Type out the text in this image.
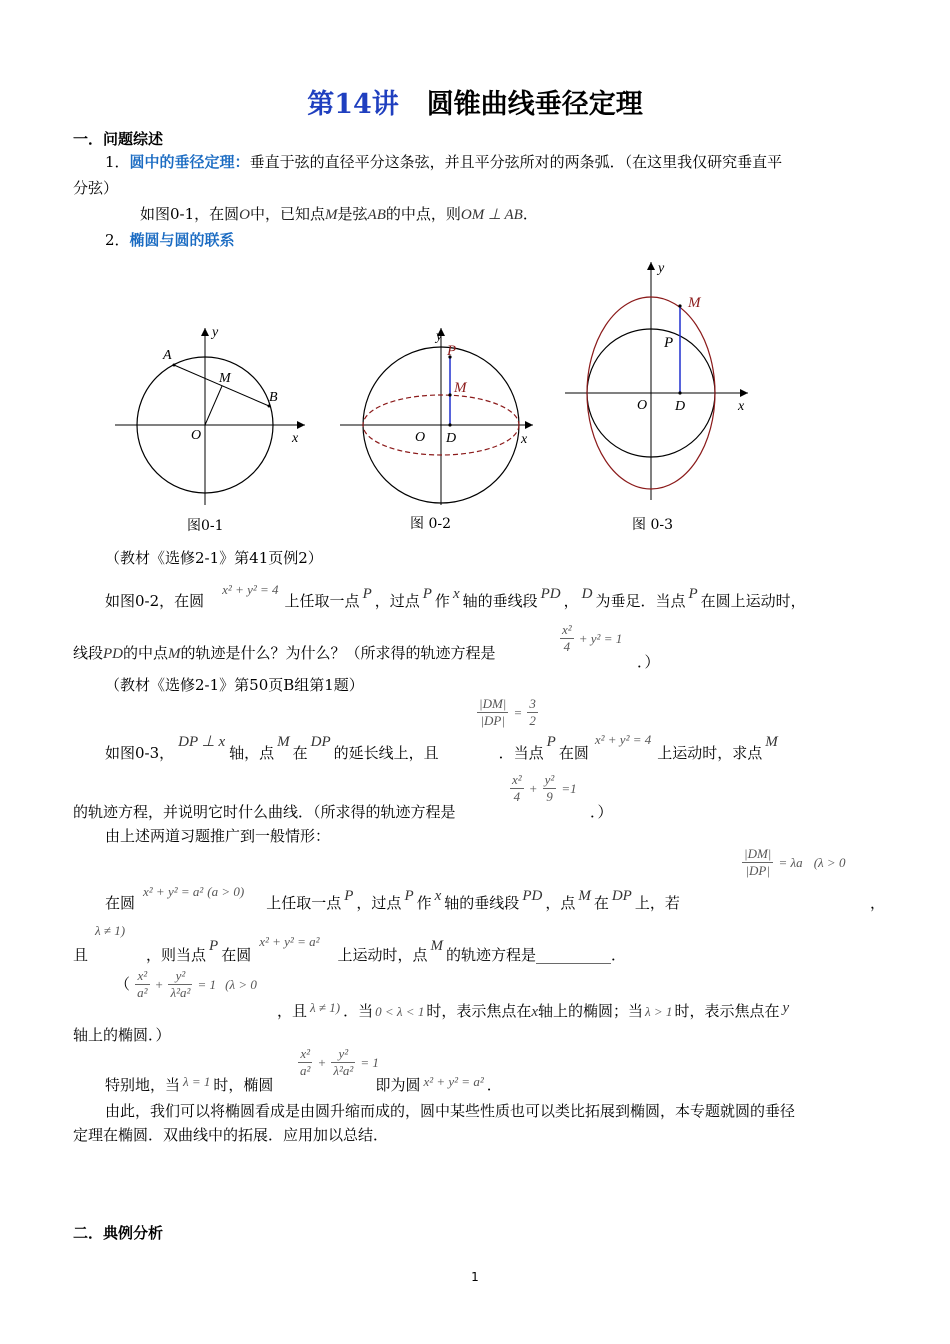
第14讲 圆锥曲线垂径定理
一．问题综述
1．圆中的垂径定理：垂直于弦的直径平分这条弦，并且平分弦所对的两条弧．（在这里我仅研究垂直平
分弦）
如图0-1，在圆O中，已知点M是弦AB的中点，则OM ⊥ AB．
2．椭圆与圆的联系
A
B
M
O	x
y
图0-1
P
M
O D	x
y
图 0-2
M
P
O D	x
y
图 0-3
（教材《选修2-1》第41页例2）
如图0-2，在圆x² + y² = 4上任取一点 P ，过点 P 作 x 轴的垂线段 PD ， D 为垂足．当点 P 在圆上运动时，
线段PD的中点M的轨迹是什么？为什么？（所求得的轨迹方程是	$\frac{\text{x²}}{4} + y^2 = 1$
．）
（教材《选修2-1》第50页B组第1题）
$\frac{|DM|}{|DP|} = \frac{3}{2}$
如图0-3，DP ⊥ x轴，点M在DP的延长线上，且	．当点P在圆x² + y² = 4上运动时，求点M
的轨迹方程，并说明它时什么曲线．（所求得的轨迹方程是
$\frac{\text{x²}}{4} + \frac{\text{y²}}{9} =1$
．）
由上述两道习题推广到一般情形：
$\frac{|DM|}{|DP|} = \lambda a$ (λ > 0
在圆x² + y² = a² (a > 0)上任取一点 P ，过点 P 作 x 轴的垂线段 PD ，点 M 在 DP 上，若	，
λ ≠ 1)
且	，则当点 P 在圆x² + y² = a²上运动时，点 M 的轨迹方程是__________．
（ $\frac{\text{x²}}{\text{a²}} + \frac{\text{y²}}{\text{λ²a²}} = 1$ (λ > 0
，且 λ ≠ 1) ．当 0 < λ < 1 时，表示焦点在x轴上的椭圆；当 λ > 1 时，表示焦点在 y
轴上的椭圆．）
$\frac{\text{x²}}{\text{a²}} + \frac{\text{y²}}{\text{λ²a²}} = 1$
特别地，当 λ = 1 时，椭圆	即为圆 x² + y² = a² ．
由此，我们可以将椭圆看成是由圆升缩而成的，圆中某些性质也可以类比拓展到椭圆，本专题就圆的垂径
定理在椭圆．双曲线中的拓展．应用加以总结．
二．典例分析
1
